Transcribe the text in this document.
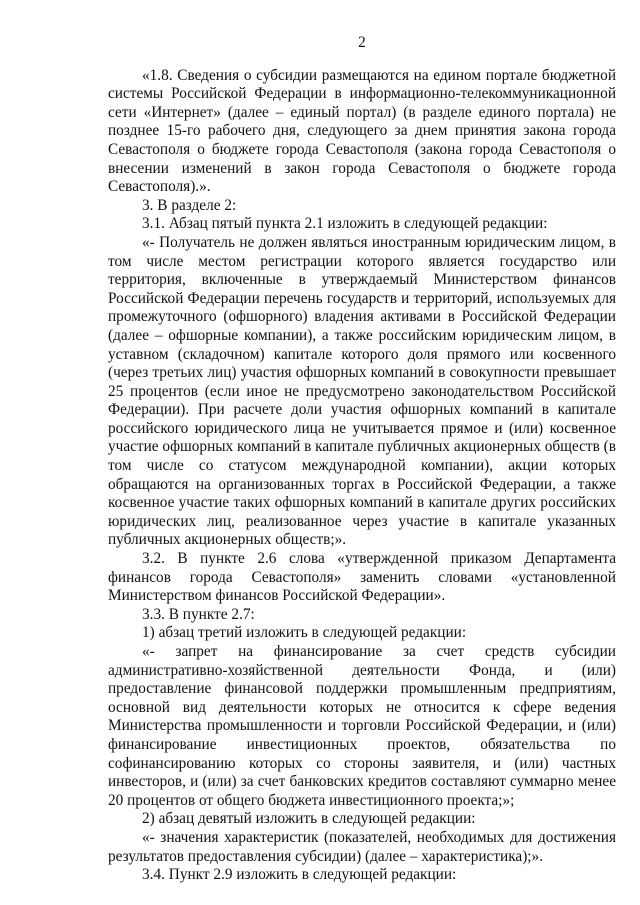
2

«1.8. Сведения о субсидии размещаются на едином портале бюджетной системы Российской Федерации в информационно-телекоммуникационной сети «Интернет» (далее – единый портал) (в разделе единого портала) не позднее 15-го рабочего дня, следующего за днем принятия закона города Севастополя о бюджете города Севастополя (закона города Севастополя о внесении изменений в закон города Севастополя о бюджете города Севастополя).».

3. В разделе 2:

3.1. Абзац пятый пункта 2.1 изложить в следующей редакции:

«- Получатель не должен являться иностранным юридическим лицом, в том числе местом регистрации которого является государство или территория, включенные в утверждаемый Министерством финансов Российской Федерации перечень государств и территорий, используемых для промежуточного (офшорного) владения активами в Российской Федерации (далее – офшорные компании), а также российским юридическим лицом, в уставном (складочном) капитале которого доля прямого или косвенного (через третьих лиц) участия офшорных компаний в совокупности превышает 25 процентов (если иное не предусмотрено законодательством Российской Федерации). При расчете доли участия офшорных компаний в капитале российского юридического лица не учитывается прямое и (или) косвенное участие офшорных компаний в капитале публичных акционерных обществ (в том числе со статусом международной компании), акции которых обращаются на организованных торгах в Российской Федерации, а также косвенное участие таких офшорных компаний в капитале других российских юридических лиц, реализованное через участие в капитале указанных публичных акционерных обществ;».

3.2. В пункте 2.6 слова «утвержденной приказом Департамента финансов города Севастополя» заменить словами «установленной Министерством финансов Российской Федерации».

3.3. В пункте 2.7:

1) абзац третий изложить в следующей редакции:

«- запрет на финансирование за счет средств субсидии административно-хозяйственной деятельности Фонда, и (или) предоставление финансовой поддержки промышленным предприятиям, основной вид деятельности которых не относится к сфере ведения Министерства промышленности и торговли Российской Федерации, и (или) финансирование инвестиционных проектов, обязательства по софинансированию которых со стороны заявителя, и (или) частных инвесторов, и (или) за счет банковских кредитов составляют суммарно менее 20 процентов от общего бюджета инвестиционного проекта;»;

2) абзац девятый изложить в следующей редакции:

«- значения характеристик (показателей, необходимых для достижения результатов предоставления субсидии) (далее – характеристика);».

3.4. Пункт 2.9 изложить в следующей редакции:
